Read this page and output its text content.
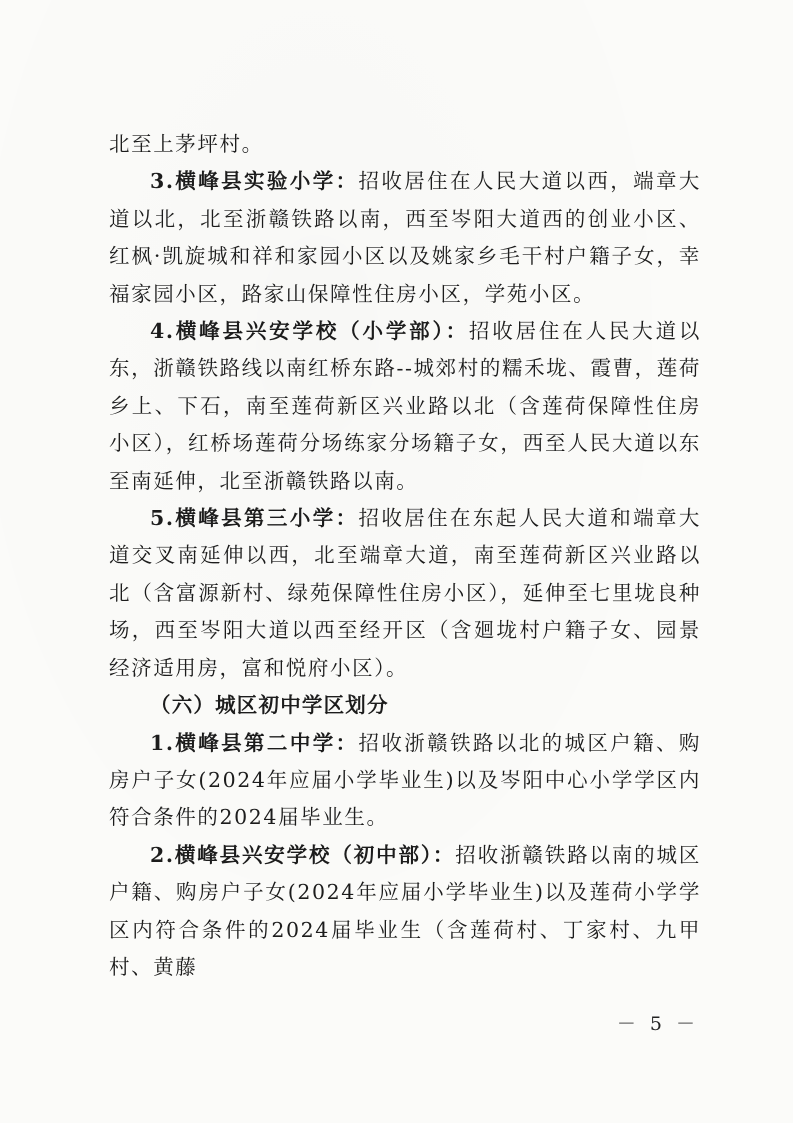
北至上茅坪村。

3.横峰县实验小学：招收居住在人民大道以西，端章大道以北，北至浙赣铁路以南，西至岑阳大道西的创业小区、红枫·凯旋城和祥和家园小区以及姚家乡毛干村户籍子女，幸福家园小区，路家山保障性住房小区，学苑小区。

4.横峰县兴安学校（小学部）：招收居住在人民大道以东，浙赣铁路线以南红桥东路--城郊村的糯禾垅、霞曹，莲荷乡上、下石，南至莲荷新区兴业路以北（含莲荷保障性住房小区），红桥场莲荷分场练家分场籍子女，西至人民大道以东至南延伸，北至浙赣铁路以南。

5.横峰县第三小学：招收居住在东起人民大道和端章大道交叉南延伸以西，北至端章大道，南至莲荷新区兴业路以北（含富源新村、绿苑保障性住房小区），延伸至七里垅良种场，西至岑阳大道以西至经开区（含廻垅村户籍子女、园景经济适用房，富和悦府小区）。

（六）城区初中学区划分

1.横峰县第二中学：招收浙赣铁路以北的城区户籍、购房户子女(2024年应届小学毕业生)以及岑阳中心小学学区内符合条件的2024届毕业生。

2.横峰县兴安学校（初中部）：招收浙赣铁路以南的城区户籍、购房户子女(2024年应届小学毕业生)以及莲荷小学学区内符合条件的2024届毕业生（含莲荷村、丁家村、九甲村、黄藤

－ 5 －
